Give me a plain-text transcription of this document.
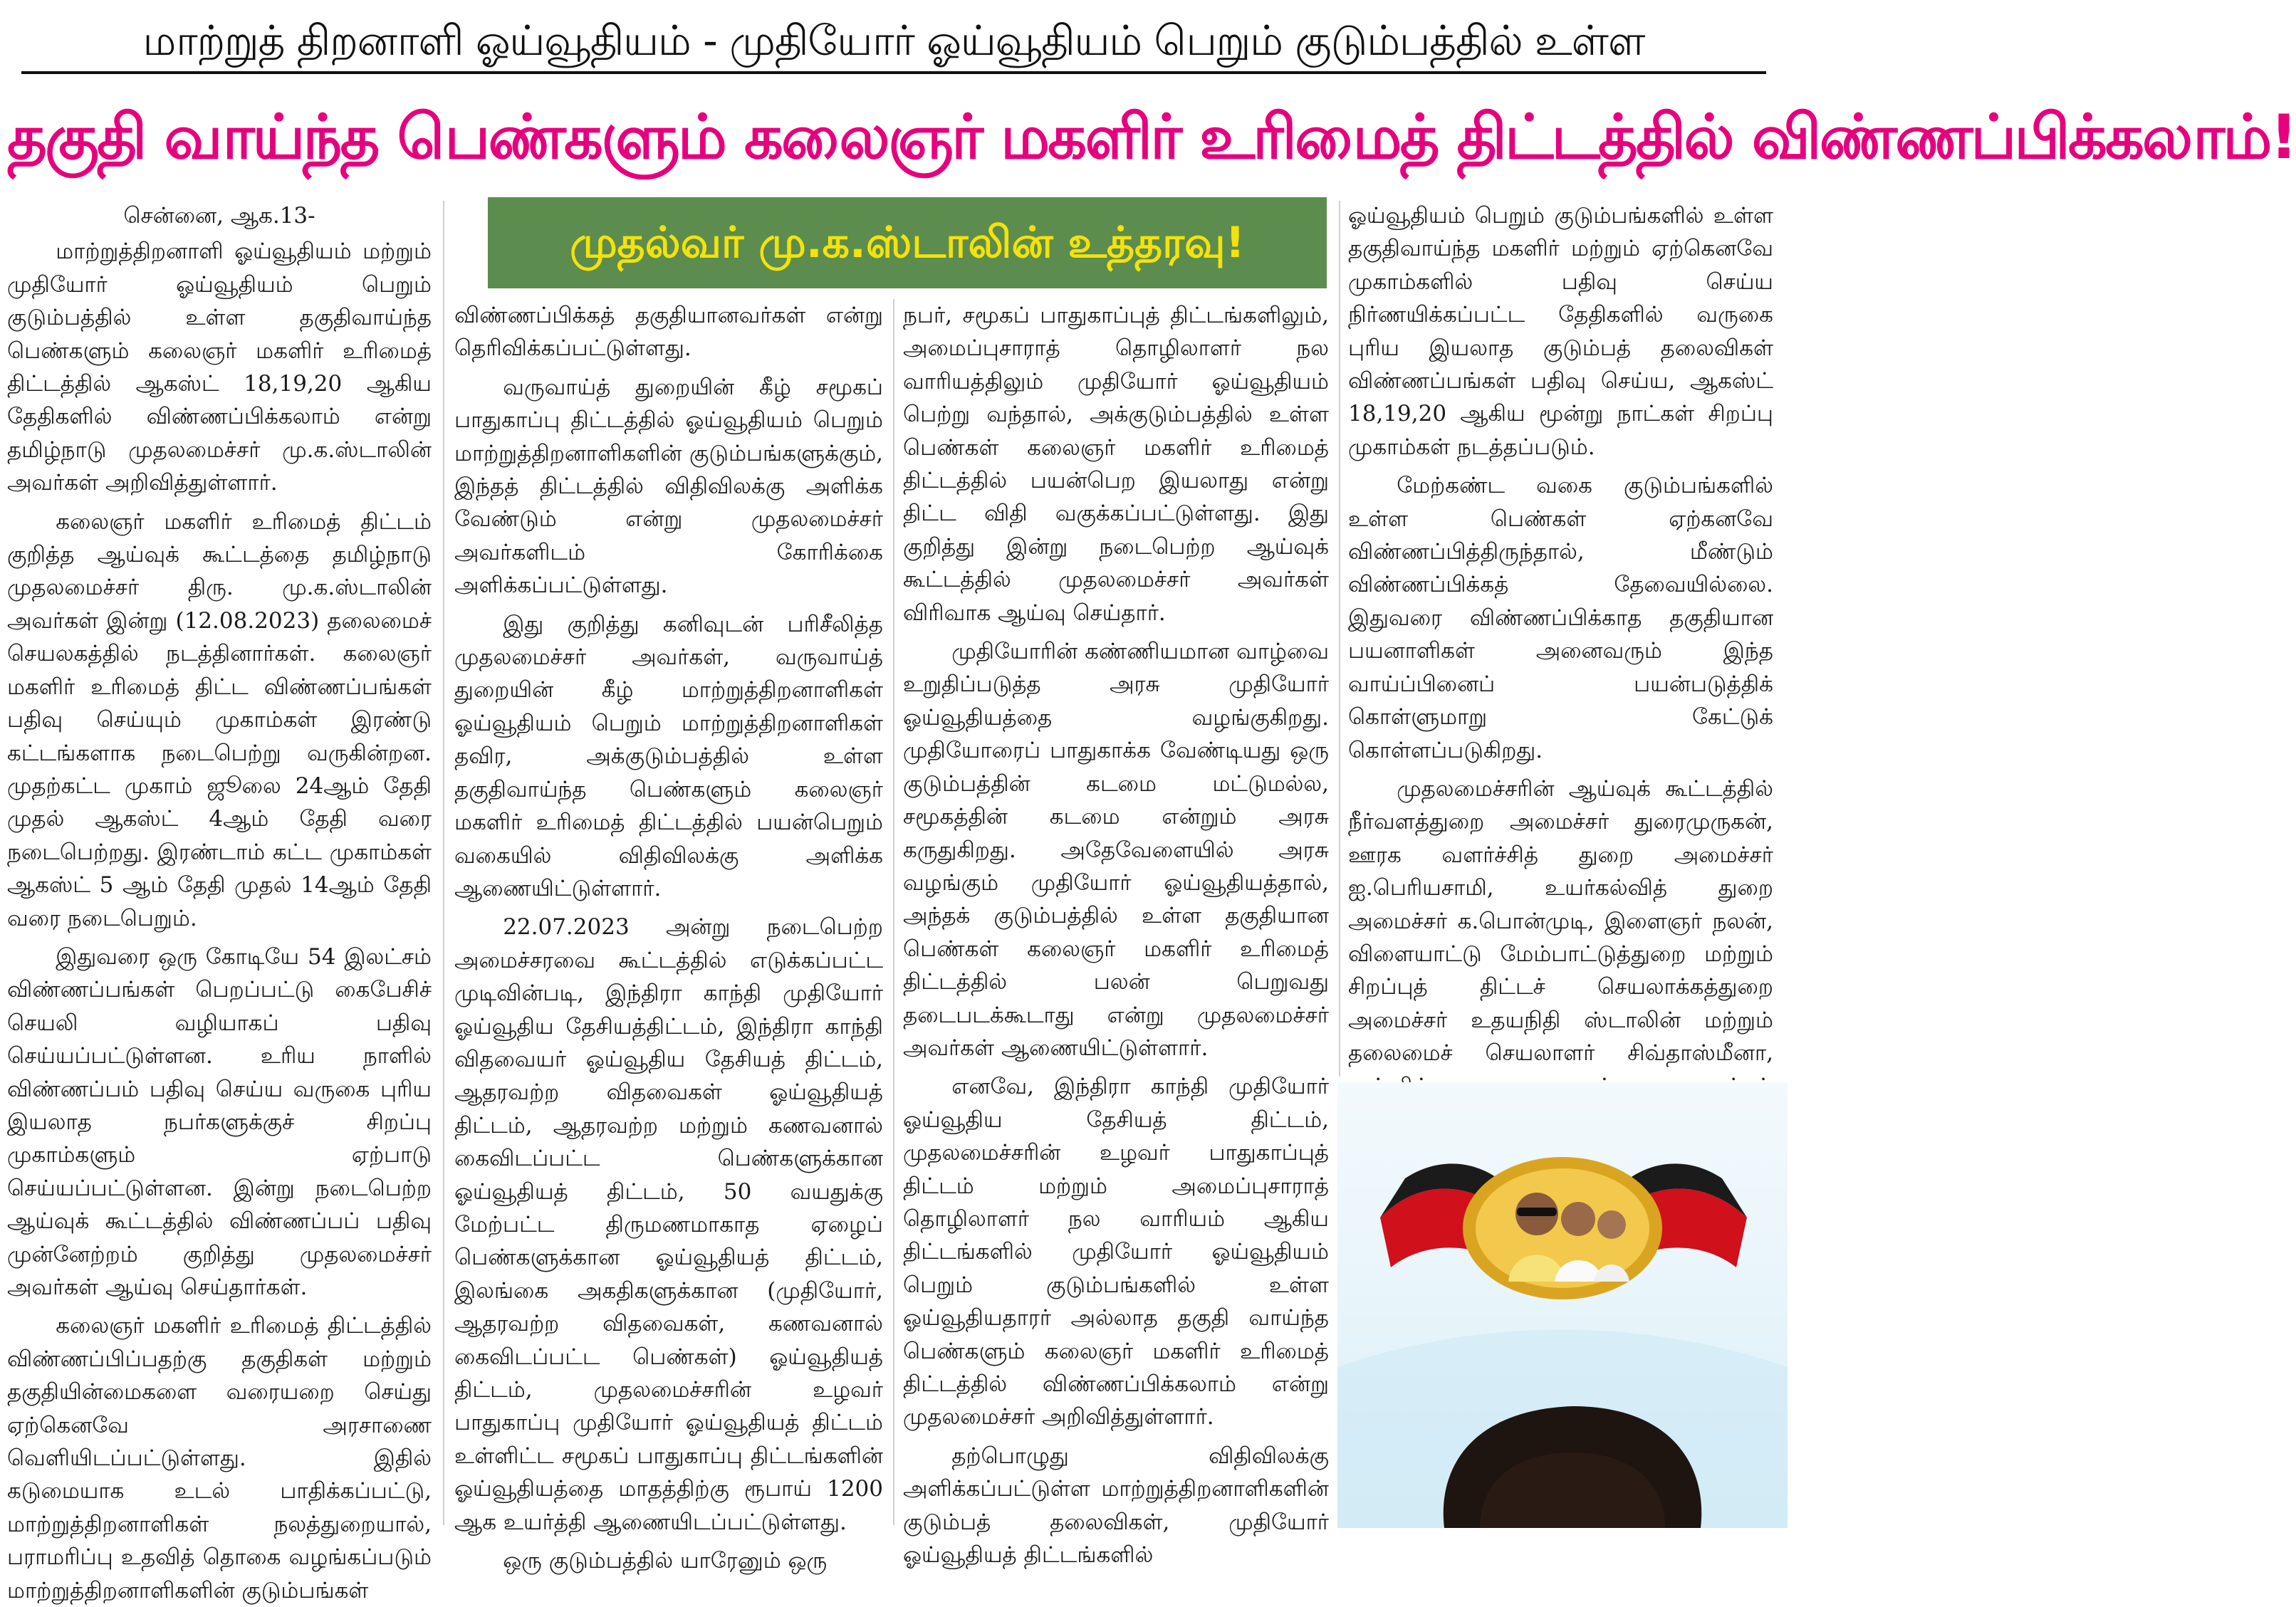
மாற்றுத் திறனாளி ஓய்வூதியம் - முதியோர் ஓய்வூதியம் பெறும் குடும்பத்தில் உள்ள
தகுதி வாய்ந்த பெண்களும் கலைஞர் மகளிர் உரிமைத் திட்டத்தில் விண்ணப்பிக்கலாம்!
முதல்வர் மு.க.ஸ்டாலின் உத்தரவு!

சென்னை, ஆக.13-

மாற்றுத்திறனாளி ஓய்வூதியம் மற்றும் முதியோர் ஓய்வூதியம் பெறும் குடும்பத்தில் உள்ள தகுதிவாய்ந்த பெண்களும் கலைஞர் மகளிர் உரிமைத் திட்டத்தில் ஆகஸ்ட் 18,19,20 ஆகிய தேதிகளில் விண்ணப்பிக்கலாம் என்று தமிழ்நாடு முதலமைச்சர் மு.க.ஸ்டாலின் அவர்கள் அறிவித்துள்ளார்.

கலைஞர் மகளிர் உரிமைத் திட்டம் குறித்த ஆய்வுக் கூட்டத்தை தமிழ்நாடு முதலமைச்சர் திரு. மு.க.ஸ்டாலின் அவர்கள் இன்று (12.08.2023) தலைமைச் செயலகத்தில் நடத்தினார்கள். கலைஞர் மகளிர் உரிமைத் திட்ட விண்ணப்பங்கள் பதிவு செய்யும் முகாம்கள் இரண்டு கட்டங்களாக நடைபெற்று வருகின்றன. முதற்கட்ட முகாம் ஜூலை 24ஆம் தேதி முதல் ஆகஸ்ட் 4ஆம் தேதி வரை நடைபெற்றது. இரண்டாம் கட்ட முகாம்கள் ஆகஸ்ட் 5 ஆம் தேதி முதல் 14ஆம் தேதி வரை நடைபெறும்.

இதுவரை ஒரு கோடியே 54 இலட்சம் விண்ணப்பங்கள் பெறப்பட்டு கைபேசிச் செயலி வழியாகப் பதிவு செய்யப்பட்டுள்ளன. உரிய நாளில் விண்ணப்பம் பதிவு செய்ய வருகை புரிய இயலாத நபர்களுக்குச் சிறப்பு முகாம்களும் ஏற்பாடு செய்யப்பட்டுள்ளன. இன்று நடைபெற்ற ஆய்வுக் கூட்டத்தில் விண்ணப்பப் பதிவு முன்னேற்றம் குறித்து முதலமைச்சர் அவர்கள் ஆய்வு செய்தார்கள்.

கலைஞர் மகளிர் உரிமைத் திட்டத்தில் விண்ணப்பிப்பதற்கு தகுதிகள் மற்றும் தகுதியின்மைகளை வரையறை செய்து ஏற்கெனவே அரசாணை வெளியிடப்பட்டுள்ளது. இதில் கடுமையாக உடல் பாதிக்கப்பட்டு, மாற்றுத்திறனாளிகள் நலத்துறையால், பராமரிப்பு உதவித் தொகை வழங்கப்படும் மாற்றுத்திறனாளிகளின் குடும்பங்கள்

விண்ணப்பிக்கத் தகுதியானவர்கள் என்று தெரிவிக்கப்பட்டுள்ளது.

வருவாய்த் துறையின் கீழ் சமூகப் பாதுகாப்பு திட்டத்தில் ஓய்வூதியம் பெறும் மாற்றுத்திறனாளிகளின் குடும்பங்களுக்கும், இந்தத் திட்டத்தில் விதிவிலக்கு அளிக்க வேண்டும் என்று முதலமைச்சர் அவர்களிடம் கோரிக்கை அளிக்கப்பட்டுள்ளது.

இது குறித்து கனிவுடன் பரிசீலித்த முதலமைச்சர் அவர்கள், வருவாய்த் துறையின் கீழ் மாற்றுத்திறனாளிகள் ஓய்வூதியம் பெறும் மாற்றுத்திறனாளிகள் தவிர, அக்குடும்பத்தில் உள்ள தகுதிவாய்ந்த பெண்களும் கலைஞர் மகளிர் உரிமைத் திட்டத்தில் பயன்பெறும் வகையில் விதிவிலக்கு அளிக்க ஆணையிட்டுள்ளார்.

22.07.2023 அன்று நடைபெற்ற அமைச்சரவை கூட்டத்தில் எடுக்கப்பட்ட முடிவின்படி, இந்திரா காந்தி முதியோர் ஓய்வூதிய தேசியத்திட்டம், இந்திரா காந்தி விதவையர் ஓய்வூதிய தேசியத் திட்டம், ஆதரவற்ற விதவைகள் ஓய்வூதியத் திட்டம், ஆதரவற்ற மற்றும் கணவனால் கைவிடப்பட்ட பெண்களுக்கான ஓய்வூதியத் திட்டம், 50 வயதுக்கு மேற்பட்ட திருமணமாகாத ஏழைப் பெண்களுக்கான ஓய்வூதியத் திட்டம், இலங்கை அகதிகளுக்கான (முதியோர், ஆதரவற்ற விதவைகள், கணவனால் கைவிடப்பட்ட பெண்கள்) ஓய்வூதியத் திட்டம், முதலமைச்சரின் உழவர் பாதுகாப்பு முதியோர் ஓய்வூதியத் திட்டம் உள்ளிட்ட சமூகப் பாதுகாப்பு திட்டங்களின் ஓய்வூதியத்தை மாதத்திற்கு ரூபாய் 1200 ஆக உயர்த்தி ஆணையிடப்பட்டுள்ளது.

ஒரு குடும்பத்தில் யாரேனும் ஒரு

நபர், சமூகப் பாதுகாப்புத் திட்டங்களிலும், அமைப்புசாராத் தொழிலாளர் நல வாரியத்திலும் முதியோர் ஓய்வூதியம் பெற்று வந்தால், அக்குடும்பத்தில் உள்ள பெண்கள் கலைஞர் மகளிர் உரிமைத் திட்டத்தில் பயன்பெற இயலாது என்று திட்ட விதி வகுக்கப்பட்டுள்ளது. இது குறித்து இன்று நடைபெற்ற ஆய்வுக் கூட்டத்தில் முதலமைச்சர் அவர்கள் விரிவாக ஆய்வு செய்தார்.

முதியோரின் கண்ணியமான வாழ்வை உறுதிப்படுத்த அரசு முதியோர் ஓய்வூதியத்தை வழங்குகிறது. முதியோரைப் பாதுகாக்க வேண்டியது ஒரு குடும்பத்தின் கடமை மட்டுமல்ல, சமூகத்தின் கடமை என்றும் அரசு கருதுகிறது. அதேவேளையில் அரசு வழங்கும் முதியோர் ஓய்வூதியத்தால், அந்தக் குடும்பத்தில் உள்ள தகுதியான பெண்கள் கலைஞர் மகளிர் உரிமைத் திட்டத்தில் பலன் பெறுவது தடைபடக்கூடாது என்று முதலமைச்சர் அவர்கள் ஆணையிட்டுள்ளார்.

எனவே, இந்திரா காந்தி முதியோர் ஓய்வூதிய தேசியத் திட்டம், முதலமைச்சரின் உழவர் பாதுகாப்புத் திட்டம் மற்றும் அமைப்புசாராத் தொழிலாளர் நல வாரியம் ஆகிய திட்டங்களில் முதியோர் ஓய்வூதியம் பெறும் குடும்பங்களில் உள்ள ஓய்வூதியதாரர் அல்லாத தகுதி வாய்ந்த பெண்களும் கலைஞர் மகளிர் உரிமைத் திட்டத்தில் விண்ணப்பிக்கலாம் என்று முதலமைச்சர் அறிவித்துள்ளார்.

தற்பொழுது விதிவிலக்கு அளிக்கப்பட்டுள்ள மாற்றுத்திறனாளிகளின் குடும்பத் தலைவிகள், முதியோர் ஓய்வூதியத் திட்டங்களில்

ஓய்வூதியம் பெறும் குடும்பங்களில் உள்ள தகுதிவாய்ந்த மகளிர் மற்றும் ஏற்கெனவே முகாம்களில் பதிவு செய்ய நிர்ணயிக்கப்பட்ட தேதிகளில் வருகை புரிய இயலாத குடும்பத் தலைவிகள் விண்ணப்பங்கள் பதிவு செய்ய, ஆகஸ்ட் 18,19,20 ஆகிய மூன்று நாட்கள் சிறப்பு முகாம்கள் நடத்தப்படும்.

மேற்கண்ட வகை குடும்பங்களில் உள்ள பெண்கள் ஏற்கனவே விண்ணப்பித்திருந்தால், மீண்டும் விண்ணப்பிக்கத் தேவையில்லை. இதுவரை விண்ணப்பிக்காத தகுதியான பயனாளிகள் அனைவரும் இந்த வாய்ப்பினைப் பயன்படுத்திக் கொள்ளுமாறு கேட்டுக் கொள்ளப்படுகிறது.

முதலமைச்சரின் ஆய்வுக் கூட்டத்தில் நீர்வளத்துறை அமைச்சர் துரைமுருகன், ஊரக வளர்ச்சித் துறை அமைச்சர் ஐ.பெரியசாமி, உயர்கல்வித் துறை அமைச்சர் க.பொன்முடி, இளைஞர் நலன், விளையாட்டு மேம்பாட்டுத்துறை மற்றும் சிறப்புத் திட்டச் செயலாக்கத்துறை அமைச்சர் உதயநிதி ஸ்டாலின் மற்றும் தலைமைச் செயலாளர் சிவ்தாஸ்மீனா,
